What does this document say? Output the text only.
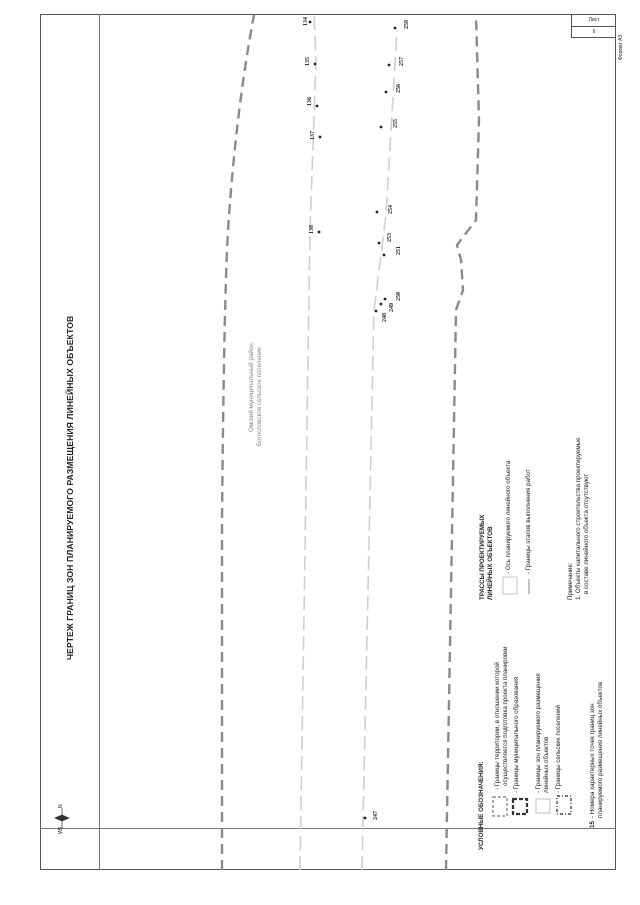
ЧЕРТЕЖ ГРАНИЦ ЗОН ПЛАНИРУЕМОГО РАЗМЕЩЕНИЯ ЛИНЕЙНЫХ ОБЪЕКТОВ
N
W
S
Омский муниципальный район, Богословское сельское поселение
247
248
249
250
251
253
254
255
256
257
258
134
135
136
137
138
УСЛОВНЫЕ ОБОЗНАЧЕНИЯ:
- Границы территории, в отношении которой осуществляется подготовка проекта планировки - Границы муниципального образования - Границы зон планируемого размещения линейных объектов - Границы сельских поселений
15
- Номера характерных точек границ зон планируемого размещения линейных объектов
ТРАССЫ ПРОЕКТИРУЕМЫХ ЛИНЕЙНЫХ ОБЪЕКТОВ - Ось планируемого линейного объекта - Границы этапов выполнения работ
Примечание: 1. Объекты капитального строительства проектируемые в составе линейного объекта отсутствуют
Лист
6
Формат А3
